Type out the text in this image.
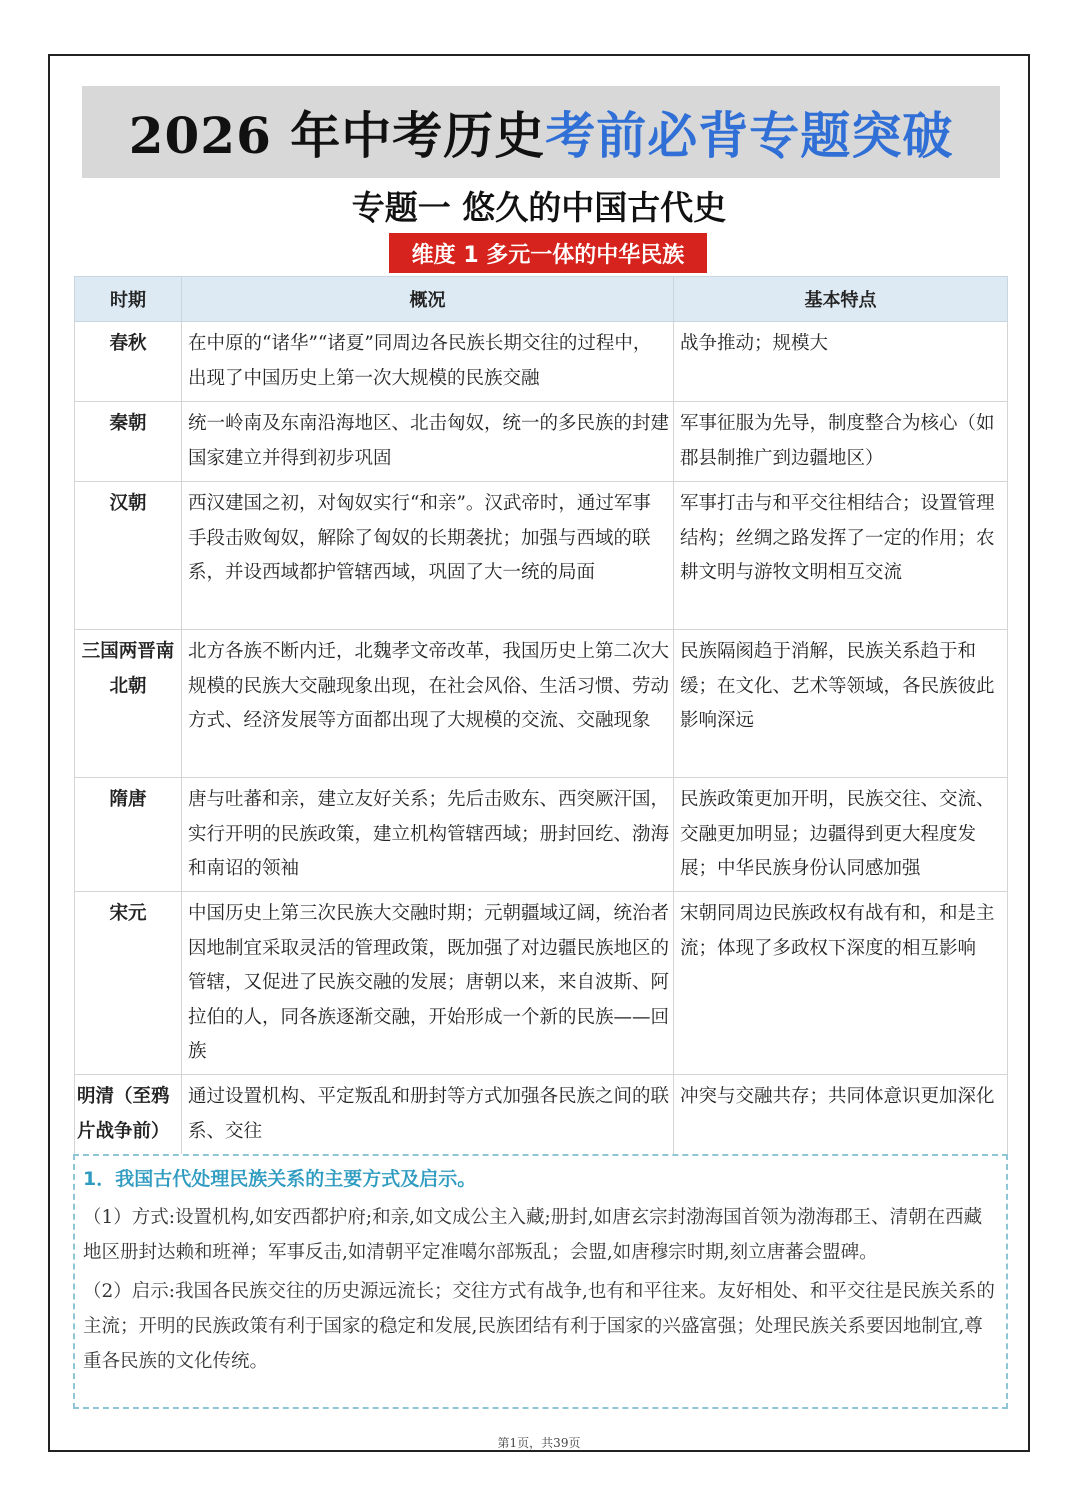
2026 年中考历史 考前必背专题突破
专题一 悠久的中国古代史
维度 1 多元一体的中华民族
时期	概况	基本特点
春秋	在中原的“诸华”“诸夏”同周边各民族长期交往的过程中，出现了中国历史上第一次大规模的民族交融	战争推动；规模大
秦朝	统一岭南及东南沿海地区、北击匈奴，统一的多民族的封建国家建立并得到初步巩固	军事征服为先导，制度整合为核心（如郡县制推广到边疆地区）
汉朝	西汉建国之初，对匈奴实行“和亲”。汉武帝时，通过军事手段击败匈奴，解除了匈奴的长期袭扰；加强与西域的联系，并设西域都护管辖西域，巩固了大一统的局面	军事打击与和平交往相结合；设置管理结构；丝绸之路发挥了一定的作用；农耕文明与游牧文明相互交流
三国两晋南北朝	北方各族不断内迁，北魏孝文帝改革，我国历史上第二次大规模的民族大交融现象出现，在社会风俗、生活习惯、劳动方式、经济发展等方面都出现了大规模的交流、交融现象	民族隔阂趋于消解，民族关系趋于和缓；在文化、艺术等领域，各民族彼此影响深远
隋唐	唐与吐蕃和亲，建立友好关系；先后击败东、西突厥汗国，实行开明的民族政策，建立机构管辖西域；册封回纥、渤海和南诏的领袖	民族政策更加开明，民族交往、交流、交融更加明显；边疆得到更大程度发展；中华民族身份认同感加强
宋元	中国历史上第三次民族大交融时期；元朝疆域辽阔，统治者因地制宜采取灵活的管理政策，既加强了对边疆民族地区的管辖，又促进了民族交融的发展；唐朝以来，来自波斯、阿拉伯的人，同各族逐渐交融，开始形成一个新的民族——回族	宋朝同周边民族政权有战有和，和是主流；体现了多政权下深度的相互影响
明清（至鸦片战争前）	通过设置机构、平定叛乱和册封等方式加强各民族之间的联系、交往	冲突与交融共存；共同体意识更加深化
1．我国古代处理民族关系的主要方式及启示。
（1）方式:设置机构,如安西都护府;和亲,如文成公主入藏;册封,如唐玄宗封渤海国首领为渤海郡王、清朝在西藏地区册封达赖和班禅；军事反击,如清朝平定准噶尔部叛乱；会盟,如唐穆宗时期,刻立唐蕃会盟碑。
（2）启示:我国各民族交往的历史源远流长；交往方式有战争,也有和平往来。友好相处、和平交往是民族关系的主流；开明的民族政策有利于国家的稳定和发展,民族团结有利于国家的兴盛富强；处理民族关系要因地制宜,尊重各民族的文化传统。
第1页，共39页
